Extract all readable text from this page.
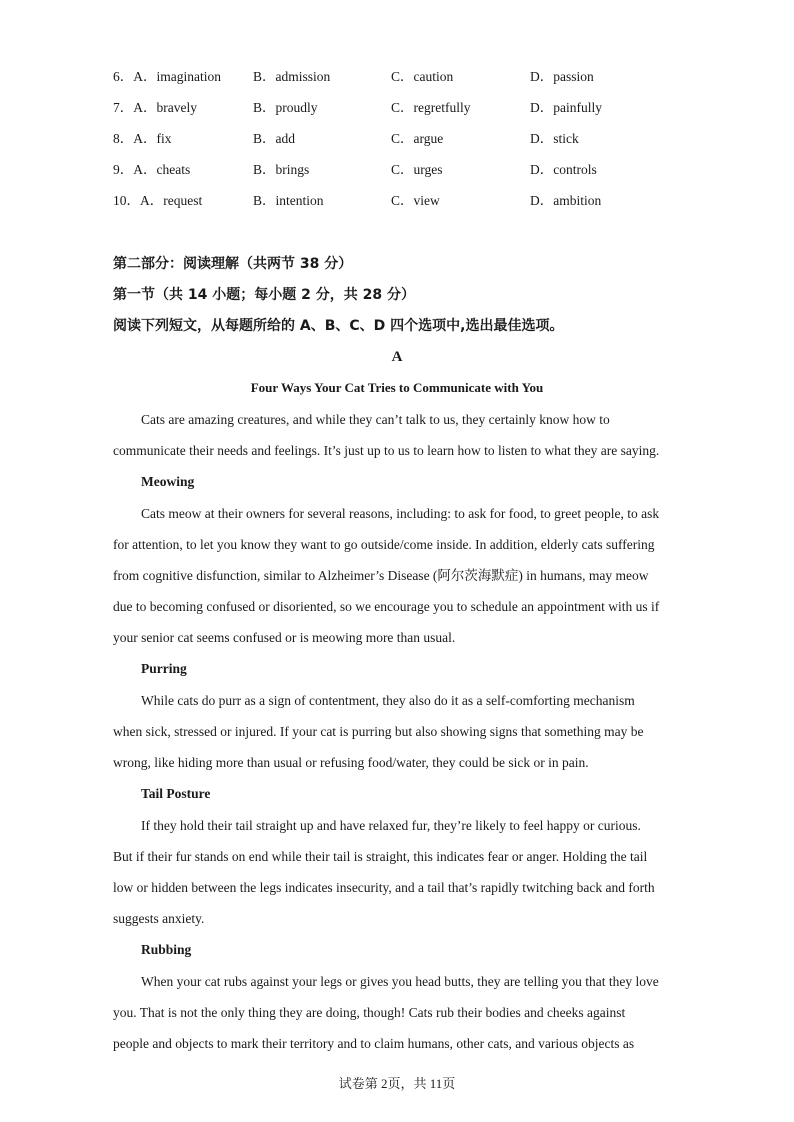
6．A．imagination B．admission	C．caution	D．passion
7．A．bravely	B．proudly	C．regretfully	D．painfully
8．A．fix	B．add	C．argue	D．stick
9．A．cheats	B．brings	C．urges	D．controls
10．A．request	B．intention	C．view	D．ambition
第二部分：阅读理解（共两节 38 分）
第一节（共 14 小题；每小题 2 分，共 28 分）
阅读下列短文，从每题所给的 A、B、C、D 四个选项中,选出最佳选项。
A
Four Ways Your Cat Tries to Communicate with You
Cats are amazing creatures, and while they can’t talk to us, they certainly know how to
communicate their needs and feelings. It’s just up to us to learn how to listen to what they are saying.
Meowing
Cats meow at their owners for several reasons, including: to ask for food, to greet people, to ask
for attention, to let you know they want to go outside/come inside. In addition, elderly cats suffering
from cognitive disfunction, similar to Alzheimer’s Disease (阿尔茨海默症) in humans, may meow
due to becoming confused or disoriented, so we encourage you to schedule an appointment with us if
your senior cat seems confused or is meowing more than usual.
Purring
While cats do purr as a sign of contentment, they also do it as a self-comforting mechanism
when sick, stressed or injured. If your cat is purring but also showing signs that something may be
wrong, like hiding more than usual or refusing food/water, they could be sick or in pain.
Tail Posture
If they hold their tail straight up and have relaxed fur, they’re likely to feel happy or curious.
But if their fur stands on end while their tail is straight, this indicates fear or anger. Holding the tail
low or hidden between the legs indicates insecurity, and a tail that’s rapidly twitching back and forth
suggests anxiety.
Rubbing
When your cat rubs against your legs or gives you head butts, they are telling you that they love
you. That is not the only thing they are doing, though! Cats rub their bodies and cheeks against
people and objects to mark their territory and to claim humans, other cats, and various objects as
试卷第 2页，共 11页
